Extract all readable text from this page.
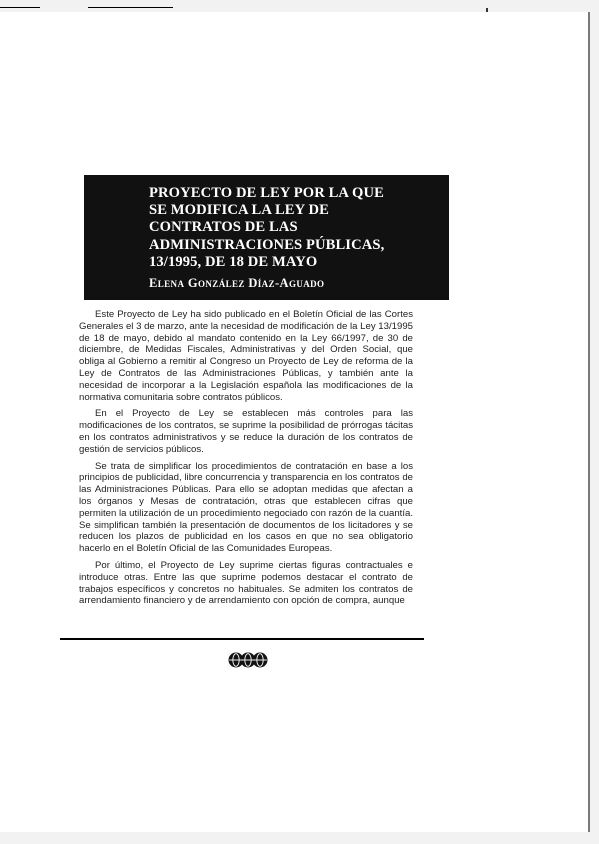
PROYECTO DE LEY POR LA QUE
SE MODIFICA LA LEY DE
CONTRATOS DE LAS
ADMINISTRACIONES PÚBLICAS,
13/1995, DE 18 DE MAYO
Elena González Díaz-Aguado

Este Proyecto de Ley ha sido publicado en el Boletín Oficial de las Cortes Generales el 3 de marzo, ante la necesidad de modificación de la Ley 13/1995 de 18 de mayo, debido al mandato contenido en la Ley 66/1997, de 30 de diciembre, de Medidas Fiscales, Administrativas y del Orden Social, que obliga al Gobierno a remitir al Congreso un Proyecto de Ley de reforma de la Ley de Contratos de las Administraciones Públicas, y también ante la necesidad de incorporar a la Legislación española las modificaciones de la normativa comunitaria sobre contratos públicos.

En el Proyecto de Ley se establecen más controles para las modificaciones de los contratos, se suprime la posibilidad de prórrogas tácitas en los contratos administrativos y se reduce la duración de los contratos de gestión de servicios públicos.

Se trata de simplificar los procedimientos de contratación en base a los principios de publicidad, libre concurrencia y transparencia en los contratos de las Administraciones Públicas. Para ello se adoptan medidas que afectan a los órganos y Mesas de contratación, otras que establecen cifras que permiten la utilización de un procedimiento negociado con razón de la cuantía. Se simplifican también la presentación de documentos de los licitadores y se reducen los plazos de publicidad en los casos en que no sea obligatorio hacerlo en el Boletín Oficial de las Comunidades Europeas.

Por último, el Proyecto de Ley suprime ciertas figuras contractuales e introduce otras. Entre las que suprime podemos destacar el contrato de trabajos específicos y concretos no habituales. Se admiten los contratos de arrendamiento financiero y de arrendamiento con opción de compra, aunque
